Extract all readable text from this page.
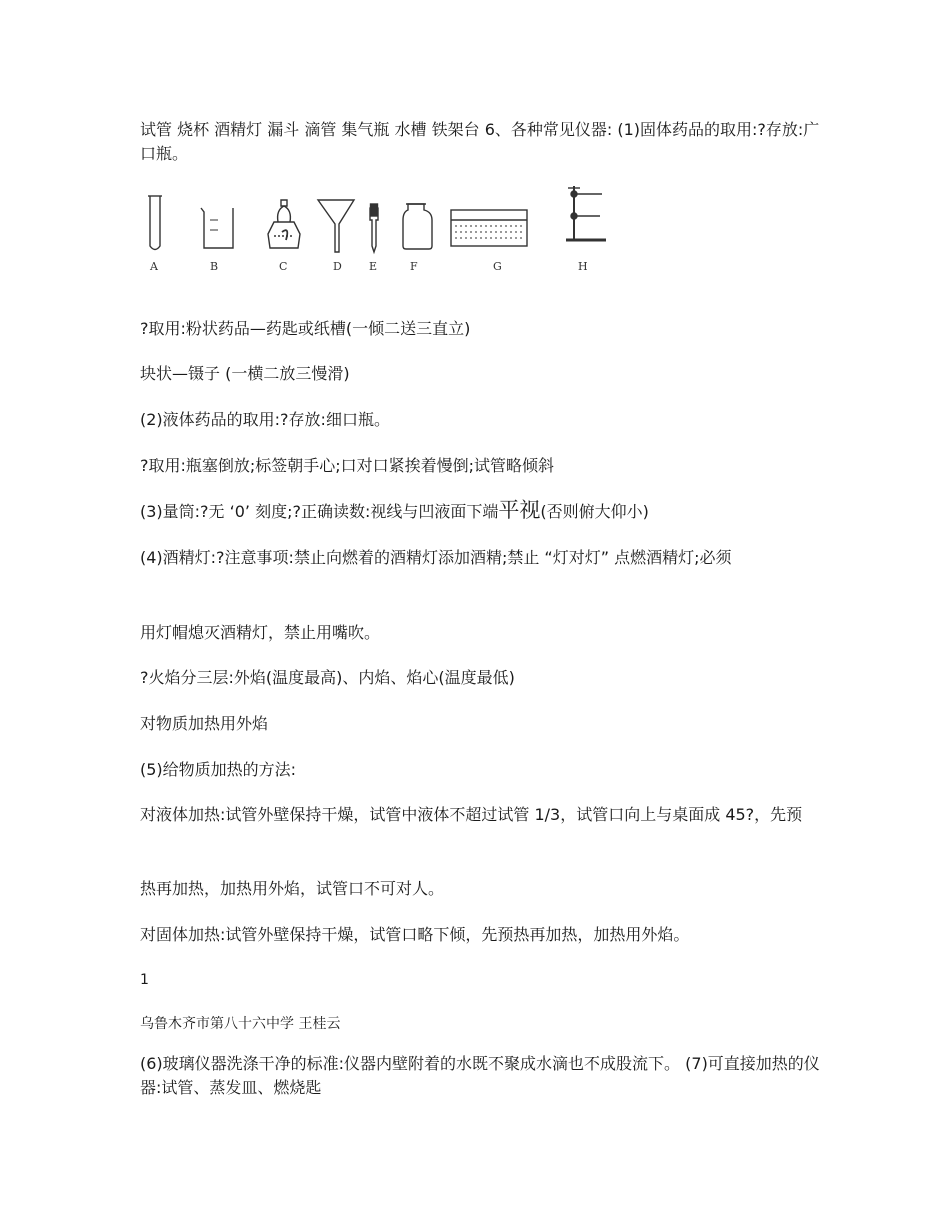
试管 烧杯 酒精灯 漏斗 滴管 集气瓶 水槽 铁架台 6、各种常见仪器: (1)固体药品的取用:?存放:广口瓶。

A	B	C	D E	F	G	H

?取用:粉状药品—药匙或纸槽(一倾二送三直立)

块状—镊子 (一横二放三慢滑)

(2)液体药品的取用:?存放:细口瓶。

?取用:瓶塞倒放;标签朝手心;口对口紧挨着慢倒;试管略倾斜

(3)量筒:?无 ‘0’ 刻度;?正确读数:视线与凹液面下端平视(否则俯大仰小)

(4)酒精灯:?注意事项:禁止向燃着的酒精灯添加酒精;禁止 “灯对灯” 点燃酒精灯;必须

用灯帽熄灭酒精灯，禁止用嘴吹。

?火焰分三层:外焰(温度最高)、内焰、焰心(温度最低)

对物质加热用外焰

(5)给物质加热的方法:

对液体加热:试管外壁保持干燥，试管中液体不超过试管 1/3，试管口向上与桌面成 45?，先预

热再加热，加热用外焰，试管口不可对人。

对固体加热:试管外壁保持干燥，试管口略下倾，先预热再加热，加热用外焰。

1

乌鲁木齐市第八十六中学 王桂云

(6)玻璃仪器洗涤干净的标准:仪器内壁附着的水既不聚成水滴也不成股流下。 (7)可直接加热的仪器:试管、蒸发皿、燃烧匙
